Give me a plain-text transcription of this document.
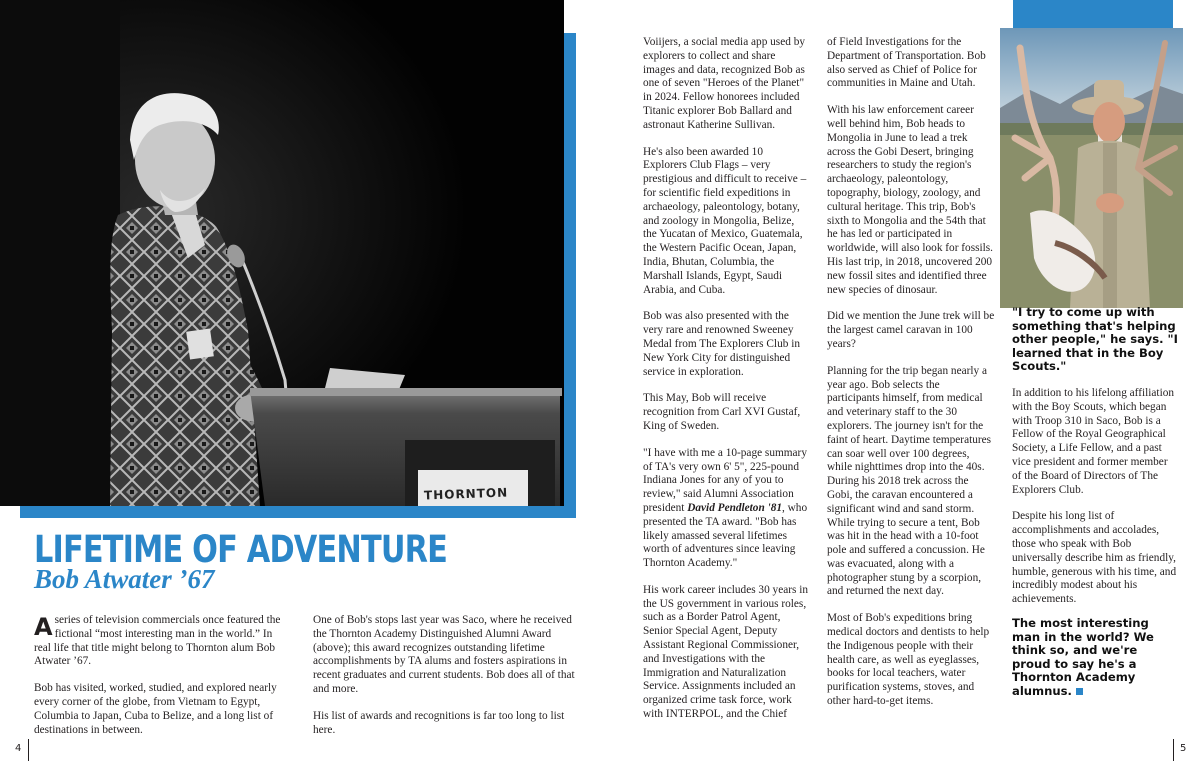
THORNTON
LIFETIME OF ADVENTURE
Bob Atwater ’67

Aseries of television commercials once featured the fictional “most interesting man in the world.” In real life that title might belong to Thornton alum Bob Atwater ’67.

Bob has visited, worked, studied, and explored nearly every corner of the globe, from Vietnam to Egypt, Columbia to Japan, Cuba to Belize, and a long list of destinations in between.

One of Bob's stops last year was Saco, where he received the Thornton Academy Distinguished Alumni Award (above); this award recognizes outstanding lifetime accomplishments by TA alums and fosters aspirations in recent graduates and current students. Bob does all of that and more.

His list of awards and recognitions is far too long to list here.

Voiijers, a social media app used by explorers to collect and share images and data, recognized Bob as one of seven "Heroes of the Planet" in 2024. Fellow honorees included Titanic explorer Bob Ballard and astronaut Katherine Sullivan.

He's also been awarded 10 Explorers Club Flags – very prestigious and difficult to receive – for scientific field expeditions in archaeology, paleontology, botany, and zoology in Mongolia, Belize, the Yucatan of Mexico, Guatemala, the Western Pacific Ocean, Japan, India, Bhutan, Columbia, the Marshall Islands, Egypt, Saudi Arabia, and Cuba.

Bob was also presented with the very rare and renowned Sweeney Medal from The Explorers Club in New York City for distinguished service in exploration.

This May, Bob will receive recognition from Carl XVI Gustaf, King of Sweden.

"I have with me a 10-page summary of TA's very own 6' 5", 225-pound Indiana Jones for any of you to review," said Alumni Association president David Pendleton '81, who presented the TA award. "Bob has likely amassed several lifetimes worth of adventures since leaving Thornton Academy."

His work career includes 30 years in the US government in various roles, such as a Border Patrol Agent, Senior Special Agent, Deputy Assistant Regional Commissioner, and Investigations with the Immigration and Naturalization Service. Assignments included an organized crime task force, work with INTERPOL, and the Chief

of Field Investigations for the Department of Transportation. Bob also served as Chief of Police for communities in Maine and Utah.

With his law enforcement career well behind him, Bob heads to Mongolia in June to lead a trek across the Gobi Desert, bringing researchers to study the region's archaeology, paleontology, topography, biology, zoology, and cultural heritage. This trip, Bob's sixth to Mongolia and the 54th that he has led or participated in worldwide, will also look for fossils. His last trip, in 2018, uncovered 200 new fossil sites and identified three new species of dinosaur.

Did we mention the June trek will be the largest camel caravan in 100 years?

Planning for the trip began nearly a year ago. Bob selects the participants himself, from medical and veterinary staff to the 30 explorers. The journey isn't for the faint of heart. Daytime temperatures can soar well over 100 degrees, while nighttimes drop into the 40s. During his 2018 trek across the Gobi, the caravan encountered a significant wind and sand storm. While trying to secure a tent, Bob was hit in the head with a 10-foot pole and suffered a concussion. He was evacuated, along with a photographer stung by a scorpion, and returned the next day.

Most of Bob's expeditions bring medical doctors and dentists to help the Indigenous people with their health care, as well as eyeglasses, books for local teachers, water purification systems, stoves, and other hard-to-get items.

"I try to come up with something that's helping other people," he says. "I learned that in the Boy Scouts."

In addition to his lifelong affiliation with the Boy Scouts, which began with Troop 310 in Saco, Bob is a Fellow of the Royal Geographical Society, a Life Fellow, and a past vice president and former member of the Board of Directors of The Explorers Club.

Despite his long list of accomplishments and accolades, those who speak with Bob universally describe him as friendly, humble, generous with his time, and incredibly modest about his achievements.

The most interesting man in the world? We think so, and we're proud to say he's a Thornton Academy alumnus.
4	5
